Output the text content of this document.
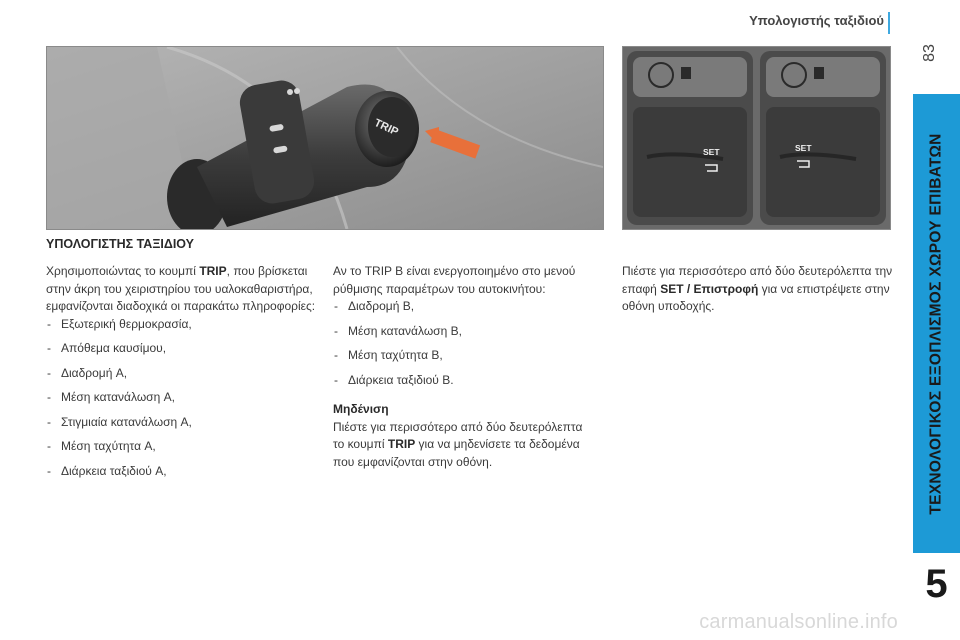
Υπολογιστής ταξιδιού
83
ΤΕΧΝΟΛΟΓΙΚΟΣ ΕΞΟΠΛΙΣΜΟΣ ΧΩΡΟΥ ΕΠΙΒΑΤΩΝ
5
TRIP
SET	SET
ΥΠΟΛΟΓΙΣΤΗΣ ΤΑΞΙΔΙΟΥ

Χρησιμοποιώντας το κουμπί TRIP, που βρίσκεται στην άκρη του χειριστηρίου του υαλοκαθαριστήρα, εμφανίζονται διαδοχικά οι παρακάτω πληροφορίες:

- Εξωτερική θερμοκρασία,
- Απόθεμα καυσίμου,
- Διαδρομή A,
- Μέση κατανάλωση A,
- Στιγμιαία κατανάλωση A,
- Μέση ταχύτητα A,
- Διάρκεια ταξιδιού A,

Αν το TRIP B είναι ενεργοποιημένο στο μενού ρύθμισης παραμέτρων του αυτοκινήτου:

- Διαδρομή B,
- Μέση κατανάλωση B,
- Μέση ταχύτητα B,
- Διάρκεια ταξιδιού B.

Μηδένιση

Πιέστε για περισσότερο από δύο δευτερόλεπτα το κουμπί TRIP για να μηδενίσετε τα δεδομένα που εμφανίζονται στην οθόνη.

Πιέστε για περισσότερο από δύο δευτερόλεπτα την επαφή SET / Επιστροφή για να επιστρέψετε στην οθόνη υποδοχής.

carmanualsonline.info
